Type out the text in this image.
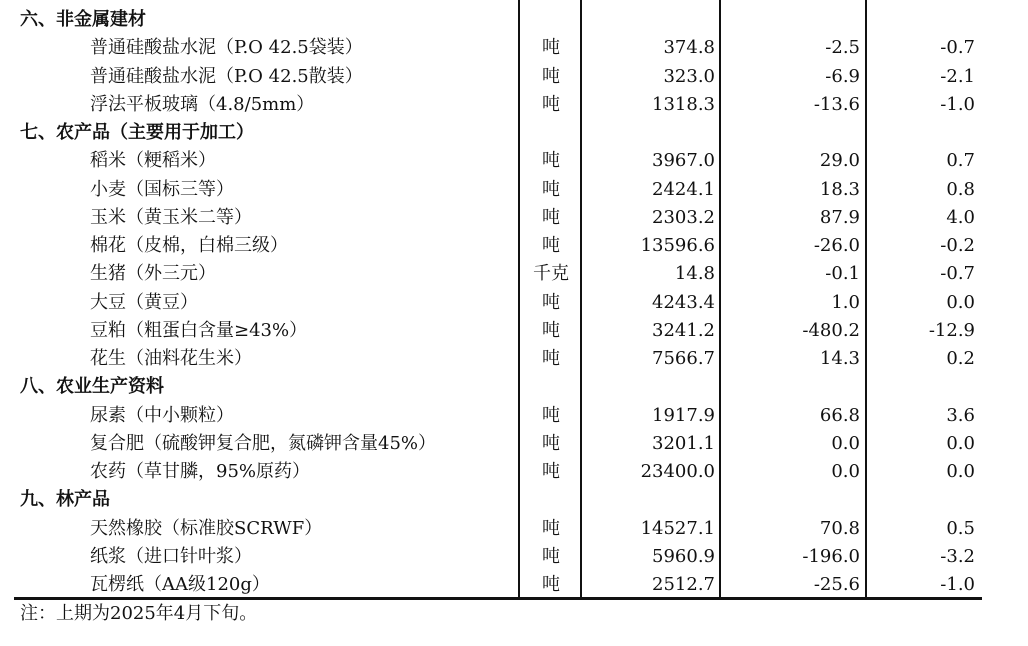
六、非金属建材
普通硅酸盐水泥（P.O 42.5袋装）	吨	374.8	-2.5	-0.7
普通硅酸盐水泥（P.O 42.5散装）	吨	323.0	-6.9	-2.1
浮法平板玻璃（4.8/5mm）	吨	1318.3	-13.6	-1.0
七、农产品（主要用于加工）
稻米（粳稻米）	吨	3967.0	29.0	0.7
小麦（国标三等）	吨	2424.1	18.3	0.8
玉米（黄玉米二等）	吨	2303.2	87.9	4.0
棉花（皮棉，白棉三级）	吨	13596.6	-26.0	-0.2
生猪（外三元）	千克	14.8	-0.1	-0.7
大豆（黄豆）	吨	4243.4	1.0	0.0
豆粕（粗蛋白含量≥43%）	吨	3241.2	-480.2	-12.9
花生（油料花生米）	吨	7566.7	14.3	0.2
八、农业生产资料
尿素（中小颗粒）	吨	1917.9	66.8	3.6
复合肥（硫酸钾复合肥，氮磷钾含量45%）	吨	3201.1	0.0	0.0
农药（草甘膦，95%原药）	吨	23400.0	0.0	0.0
九、林产品
天然橡胶（标准胶SCRWF）	吨	14527.1	70.8	0.5
纸浆（进口针叶浆）	吨	5960.9	-196.0	-3.2
瓦楞纸（AA级120g）	吨	2512.7	-25.6	-1.0
注：上期为2025年4月下旬。
